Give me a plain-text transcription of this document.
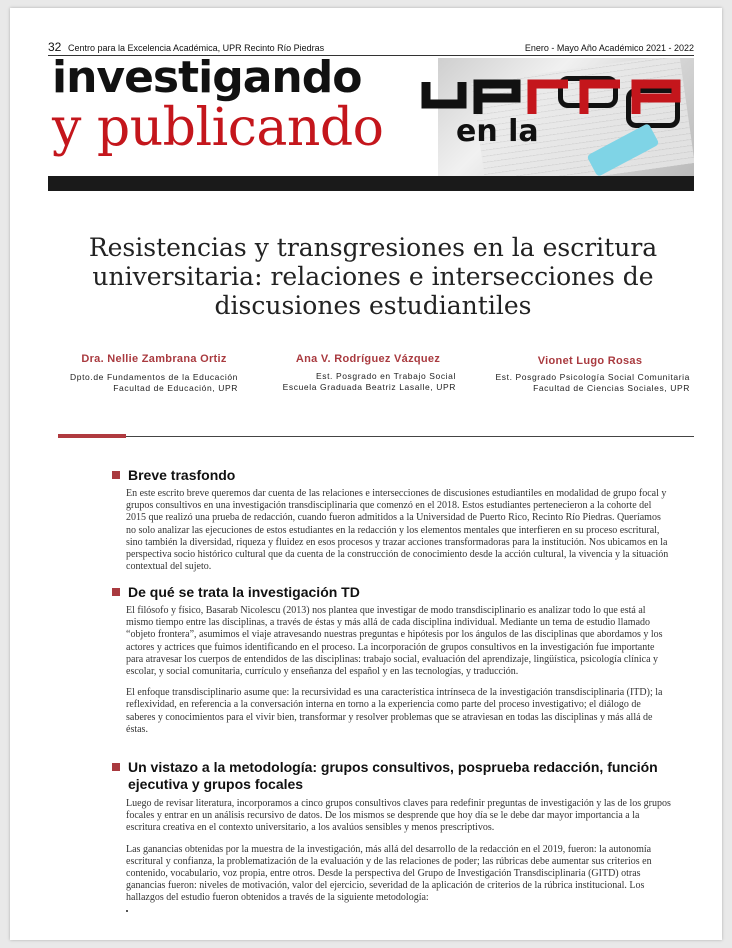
32 Centro para la Excelencia Académica, UPR Recinto Río Piedras	Enero - Mayo Año Académico 2021 - 2022
investigando
y publicando en la
Resistencias y transgresiones en la escritura universitaria: relaciones e intersecciones de discusiones estudiantiles
Dra. Nellie Zambrana Ortiz
Dpto.de Fundamentos de la Educación
Facultad de Educación, UPR
Ana V. Rodríguez Vázquez
Est. Posgrado en Trabajo Social
Escuela Graduada Beatriz Lasalle, UPR
Vionet Lugo Rosas
Est. Posgrado Psicología Social Comunitaria
Facultad de Ciencias Sociales, UPR
Breve trasfondo

En este escrito breve queremos dar cuenta de las relaciones e intersecciones de discusiones estudiantiles en modalidad de grupo focal y grupos consultivos en una investigación transdisciplinaria que comenzó en el 2018. Estos estudiantes pertenecieron a la cohorte del 2015 que realizó una prueba de redacción, cuando fueron admitidos a la Universidad de Puerto Rico, Recinto Río Piedras. Queríamos no solo analizar las ejecuciones de estos estudiantes en la redacción y los elementos mentales que interfieren en su proceso escritural, sino también la diversidad, riqueza y fluidez en esos procesos y trazar acciones transformadoras para la institución. Nos ubicamos en la perspectiva socio histórico cultural que da cuenta de la construcción de conocimiento desde la acción cultural, la vivencia y la situación contextual del sujeto.

De qué se trata la investigación TD

El filósofo y físico, Basarab Nicolescu (2013) nos plantea que investigar de modo transdisciplinario es analizar todo lo que está al mismo tiempo entre las disciplinas, a través de éstas y más allá de cada disciplina individual. Mediante un tema de estudio llamado “objeto frontera”, asumimos el viaje atravesando nuestras preguntas e hipótesis por los ángulos de las disciplinas que abordamos y los actores y actrices que fuimos identificando en el proceso. La incorporación de grupos consultivos en la investigación fue importante para atravesar los cuerpos de entendidos de las disciplinas: trabajo social, evaluación del aprendizaje, lingüística, psicología clínica y escolar, y social comunitaria, currículo y enseñanza del español y en las tecnologías, y traducción.

El enfoque transdisciplinario asume que: la recursividad es una característica intrínseca de la investigación transdisciplinaria (ITD); la reflexividad, en referencia a la conversación interna en torno a la experiencia como parte del proceso investigativo; el diálogo de saberes y conocimientos para el vivir bien, transformar y resolver problemas que se atraviesan en todas las disciplinas y más allá de éstas.

Un vistazo a la metodología: grupos consultivos, posprueba redacción, función ejecutiva y grupos focales

Luego de revisar literatura, incorporamos a cinco grupos consultivos claves para redefinir preguntas de investigación y las de los grupos focales y entrar en un análisis recursivo de datos. De los mismos se desprende que hoy día se le debe dar mayor importancia a la escritura creativa en el contexto universitario, a los avalúos sensibles y menos prescriptivos.

Las ganancias obtenidas por la muestra de la investigación, más allá del desarrollo de la redacción en el 2019, fueron: la autonomía escritural y confianza, la problematización de la evaluación y de las relaciones de poder; las rúbricas debe aumentar sus criterios en contenido, vocabulario, voz propia, entre otros. Desde la perspectiva del Grupo de Investigación Transdisciplinaria (GITD) otras ganancias fueron: niveles de motivación, valor del ejercicio, severidad de la aplicación de criterios de la rúbrica institucional. Los hallazgos del estudio fueron obtenidos a través de la siguiente metodología:
